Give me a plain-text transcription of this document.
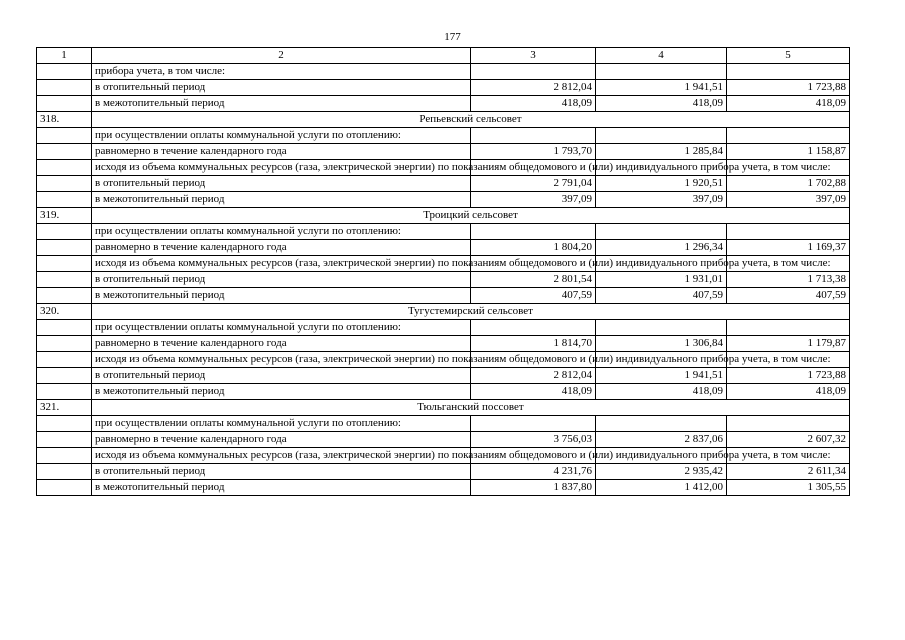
177
1	2	3	4	5
	прибора учета, в том числе:			
	в отопительный период	2 812,04	1 941,51	1 723,88
	в межотопительный период	418,09	418,09	418,09
318.	Репьевский сельсовет			
	при осуществлении оплаты коммунальной услуги по отоплению:			
	равномерно в течение календарного года	1 793,70	1 285,84	1 158,87
	исходя из объема коммунальных ресурсов (газа, электрической энергии) по показаниям общедомового и (или) индивидуального прибора учета, в том числе:			
	в отопительный период	2 791,04	1 920,51	1 702,88
	в межотопительный период	397,09	397,09	397,09
319.	Троицкий сельсовет			
	при осуществлении оплаты коммунальной услуги по отоплению:			
	равномерно в течение календарного года	1 804,20	1 296,34	1 169,37
	исходя из объема коммунальных ресурсов (газа, электрической энергии) по показаниям общедомового и (или) индивидуального прибора учета, в том числе:			
	в отопительный период	2 801,54	1 931,01	1 713,38
	в межотопительный период	407,59	407,59	407,59
320.	Тугустемирский сельсовет			
	при осуществлении оплаты коммунальной услуги по отоплению:			
	равномерно в течение календарного года	1 814,70	1 306,84	1 179,87
	исходя из объема коммунальных ресурсов (газа, электрической энергии) по показаниям общедомового и (или) индивидуального прибора учета, в том числе:			
	в отопительный период	2 812,04	1 941,51	1 723,88
	в межотопительный период	418,09	418,09	418,09
321.	Тюльганский поссовет			
	при осуществлении оплаты коммунальной услуги по отоплению:			
	равномерно в течение календарного года	3 756,03	2 837,06	2 607,32
	исходя из объема коммунальных ресурсов (газа, электрической энергии) по показаниям общедомового и (или) индивидуального прибора учета, в том числе:			
	в отопительный период	4 231,76	2 935,42	2 611,34
	в межотопительный период	1 837,80	1 412,00	1 305,55
